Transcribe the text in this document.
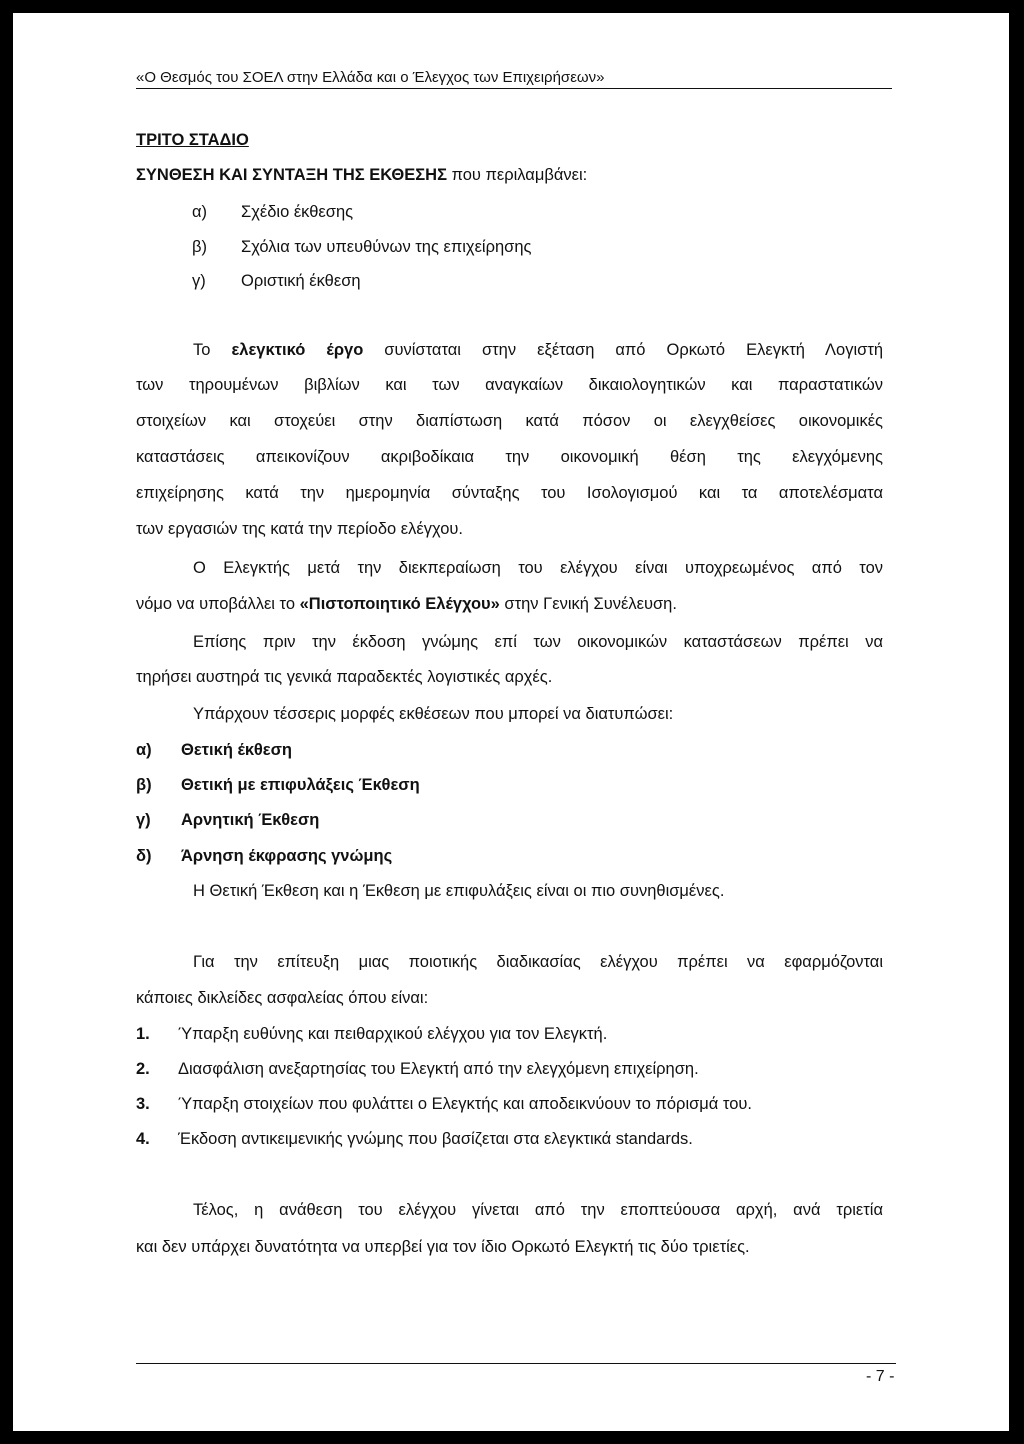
«Ο Θεσμός του ΣΟΕΛ στην Ελλάδα και ο Έλεγχος των Επιχειρήσεων»
ΤΡΙΤΟ ΣΤΑΔΙΟ
ΣΥΝΘΕΣΗ ΚΑΙ ΣΥΝΤΑΞΗ ΤΗΣ ΕΚΘΕΣΗΣ που περιλαμβάνει:
α) Σχέδιο έκθεσης
β) Σχόλια των υπευθύνων της επιχείρησης
γ) Οριστική έκθεση
Το ελεγκτικό έργο συνίσταται στην εξέταση από Ορκωτό Ελεγκτή Λογιστή
των τηρουμένων βιβλίων και των αναγκαίων δικαιολογητικών και παραστατικών
στοιχείων και στοχεύει στην διαπίστωση κατά πόσον οι ελεγχθείσες οικονομικές
καταστάσεις απεικονίζουν ακριβοδίκαια την οικονομική θέση της ελεγχόμενης
επιχείρησης κατά την ημερομηνία σύνταξης του Ισολογισμού και τα αποτελέσματα
των εργασιών της κατά την περίοδο ελέγχου.
Ο Ελεγκτής μετά την διεκπεραίωση του ελέγχου είναι υποχρεωμένος από τον
νόμο να υποβάλλει το «Πιστοποιητικό Ελέγχου» στην Γενική Συνέλευση.
Επίσης πριν την έκδοση γνώμης επί των οικονομικών καταστάσεων πρέπει να
τηρήσει αυστηρά τις γενικά παραδεκτές λογιστικές αρχές.
Υπάρχουν τέσσερις μορφές εκθέσεων που μπορεί να διατυπώσει:
α) Θετική έκθεση
β) Θετική με επιφυλάξεις Έκθεση
γ) Αρνητική Έκθεση
δ) Άρνηση έκφρασης γνώμης
Η Θετική Έκθεση και η Έκθεση με επιφυλάξεις είναι οι πιο συνηθισμένες.
Για την επίτευξη μιας ποιοτικής διαδικασίας ελέγχου πρέπει να εφαρμόζονται
κάποιες δικλείδες ασφαλείας όπου είναι:
1. Ύπαρξη ευθύνης και πειθαρχικού ελέγχου για τον Ελεγκτή.
2. Διασφάλιση ανεξαρτησίας του Ελεγκτή από την ελεγχόμενη επιχείρηση.
3. Ύπαρξη στοιχείων που φυλάττει ο Ελεγκτής και αποδεικνύουν το πόρισμά του.
4. Έκδοση αντικειμενικής γνώμης που βασίζεται στα ελεγκτικά standards.
Τέλος, η ανάθεση του ελέγχου γίνεται από την εποπτεύουσα αρχή, ανά τριετία
και δεν υπάρχει δυνατότητα να υπερβεί για τον ίδιο Ορκωτό Ελεγκτή τις δύο τριετίες.
- 7 -
